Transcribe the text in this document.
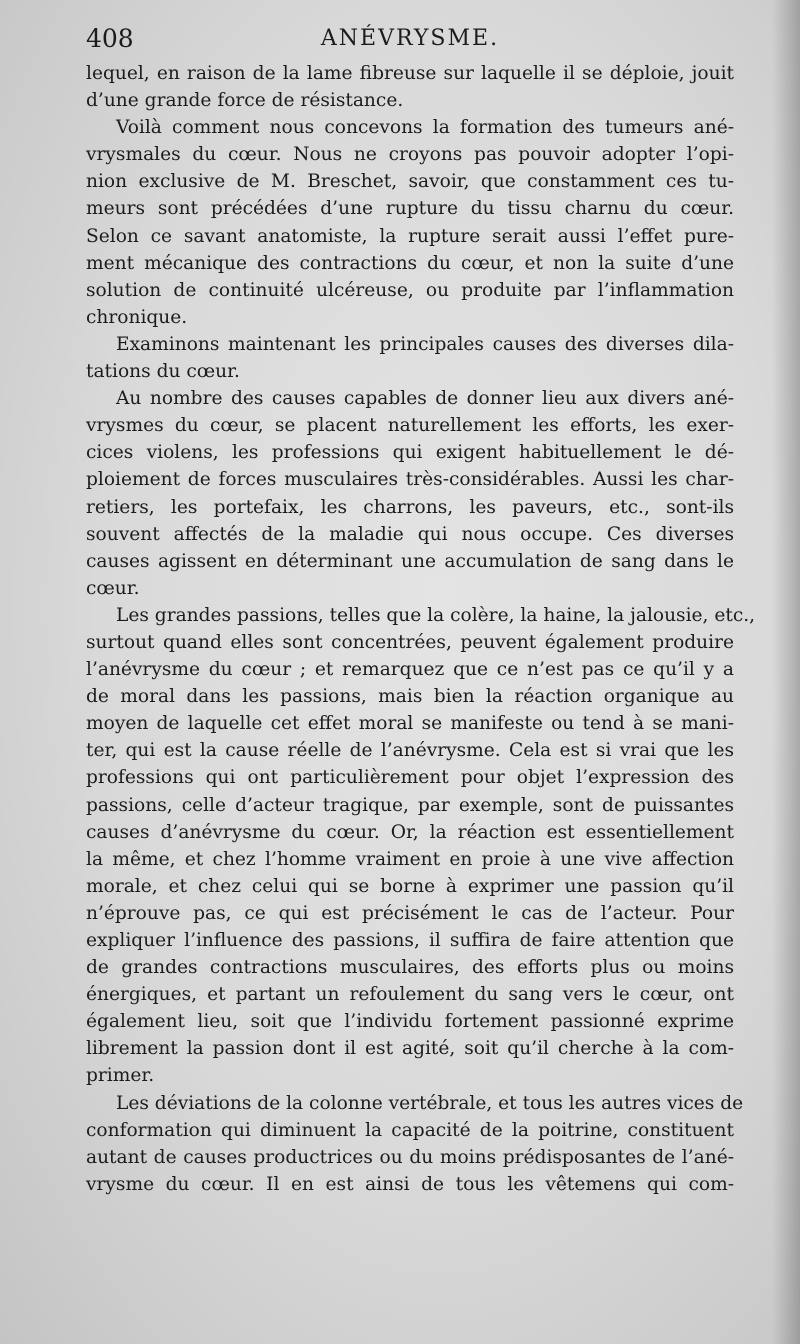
408	ANÉVRYSME.
lequel, en raison de la lame fibreuse sur laquelle il se déploie, jouit
d’une grande force de résistance.
Voilà comment nous concevons la formation des tumeurs ané-
vrysmales du cœur. Nous ne croyons pas pouvoir adopter l’opi-
nion exclusive de M. Breschet, savoir, que constamment ces tu-
meurs sont précédées d’une rupture du tissu charnu du cœur.
Selon ce savant anatomiste, la rupture serait aussi l’effet pure-
ment mécanique des contractions du cœur, et non la suite d’une
solution de continuité ulcéreuse, ou produite par l’inflammation
chronique.
Examinons maintenant les principales causes des diverses dila-
tations du cœur.
Au nombre des causes capables de donner lieu aux divers ané-
vrysmes du cœur, se placent naturellement les efforts, les exer-
cices violens, les professions qui exigent habituellement le dé-
ploiement de forces musculaires très-considérables. Aussi les char-
retiers, les portefaix, les charrons, les paveurs, etc., sont-ils
souvent affectés de la maladie qui nous occupe. Ces diverses
causes agissent en déterminant une accumulation de sang dans le
cœur.
Les grandes passions, telles que la colère, la haine, la jalousie, etc.,
surtout quand elles sont concentrées, peuvent également produire
l’anévrysme du cœur ; et remarquez que ce n’est pas ce qu’il y a
de moral dans les passions, mais bien la réaction organique au
moyen de laquelle cet effet moral se manifeste ou tend à se mani-
ter, qui est la cause réelle de l’anévrysme. Cela est si vrai que les
professions qui ont particulièrement pour objet l’expression des
passions, celle d’acteur tragique, par exemple, sont de puissantes
causes d’anévrysme du cœur. Or, la réaction est essentiellement
la même, et chez l’homme vraiment en proie à une vive affection
morale, et chez celui qui se borne à exprimer une passion qu’il
n’éprouve pas, ce qui est précisément le cas de l’acteur. Pour
expliquer l’influence des passions, il suffira de faire attention que
de grandes contractions musculaires, des efforts plus ou moins
énergiques, et partant un refoulement du sang vers le cœur, ont
également lieu, soit que l’individu fortement passionné exprime
librement la passion dont il est agité, soit qu’il cherche à la com-
primer.
Les déviations de la colonne vertébrale, et tous les autres vices de
conformation qui diminuent la capacité de la poitrine, constituent
autant de causes productrices ou du moins prédisposantes de l’ané-
vrysme du cœur. Il en est ainsi de tous les vêtemens qui com-
